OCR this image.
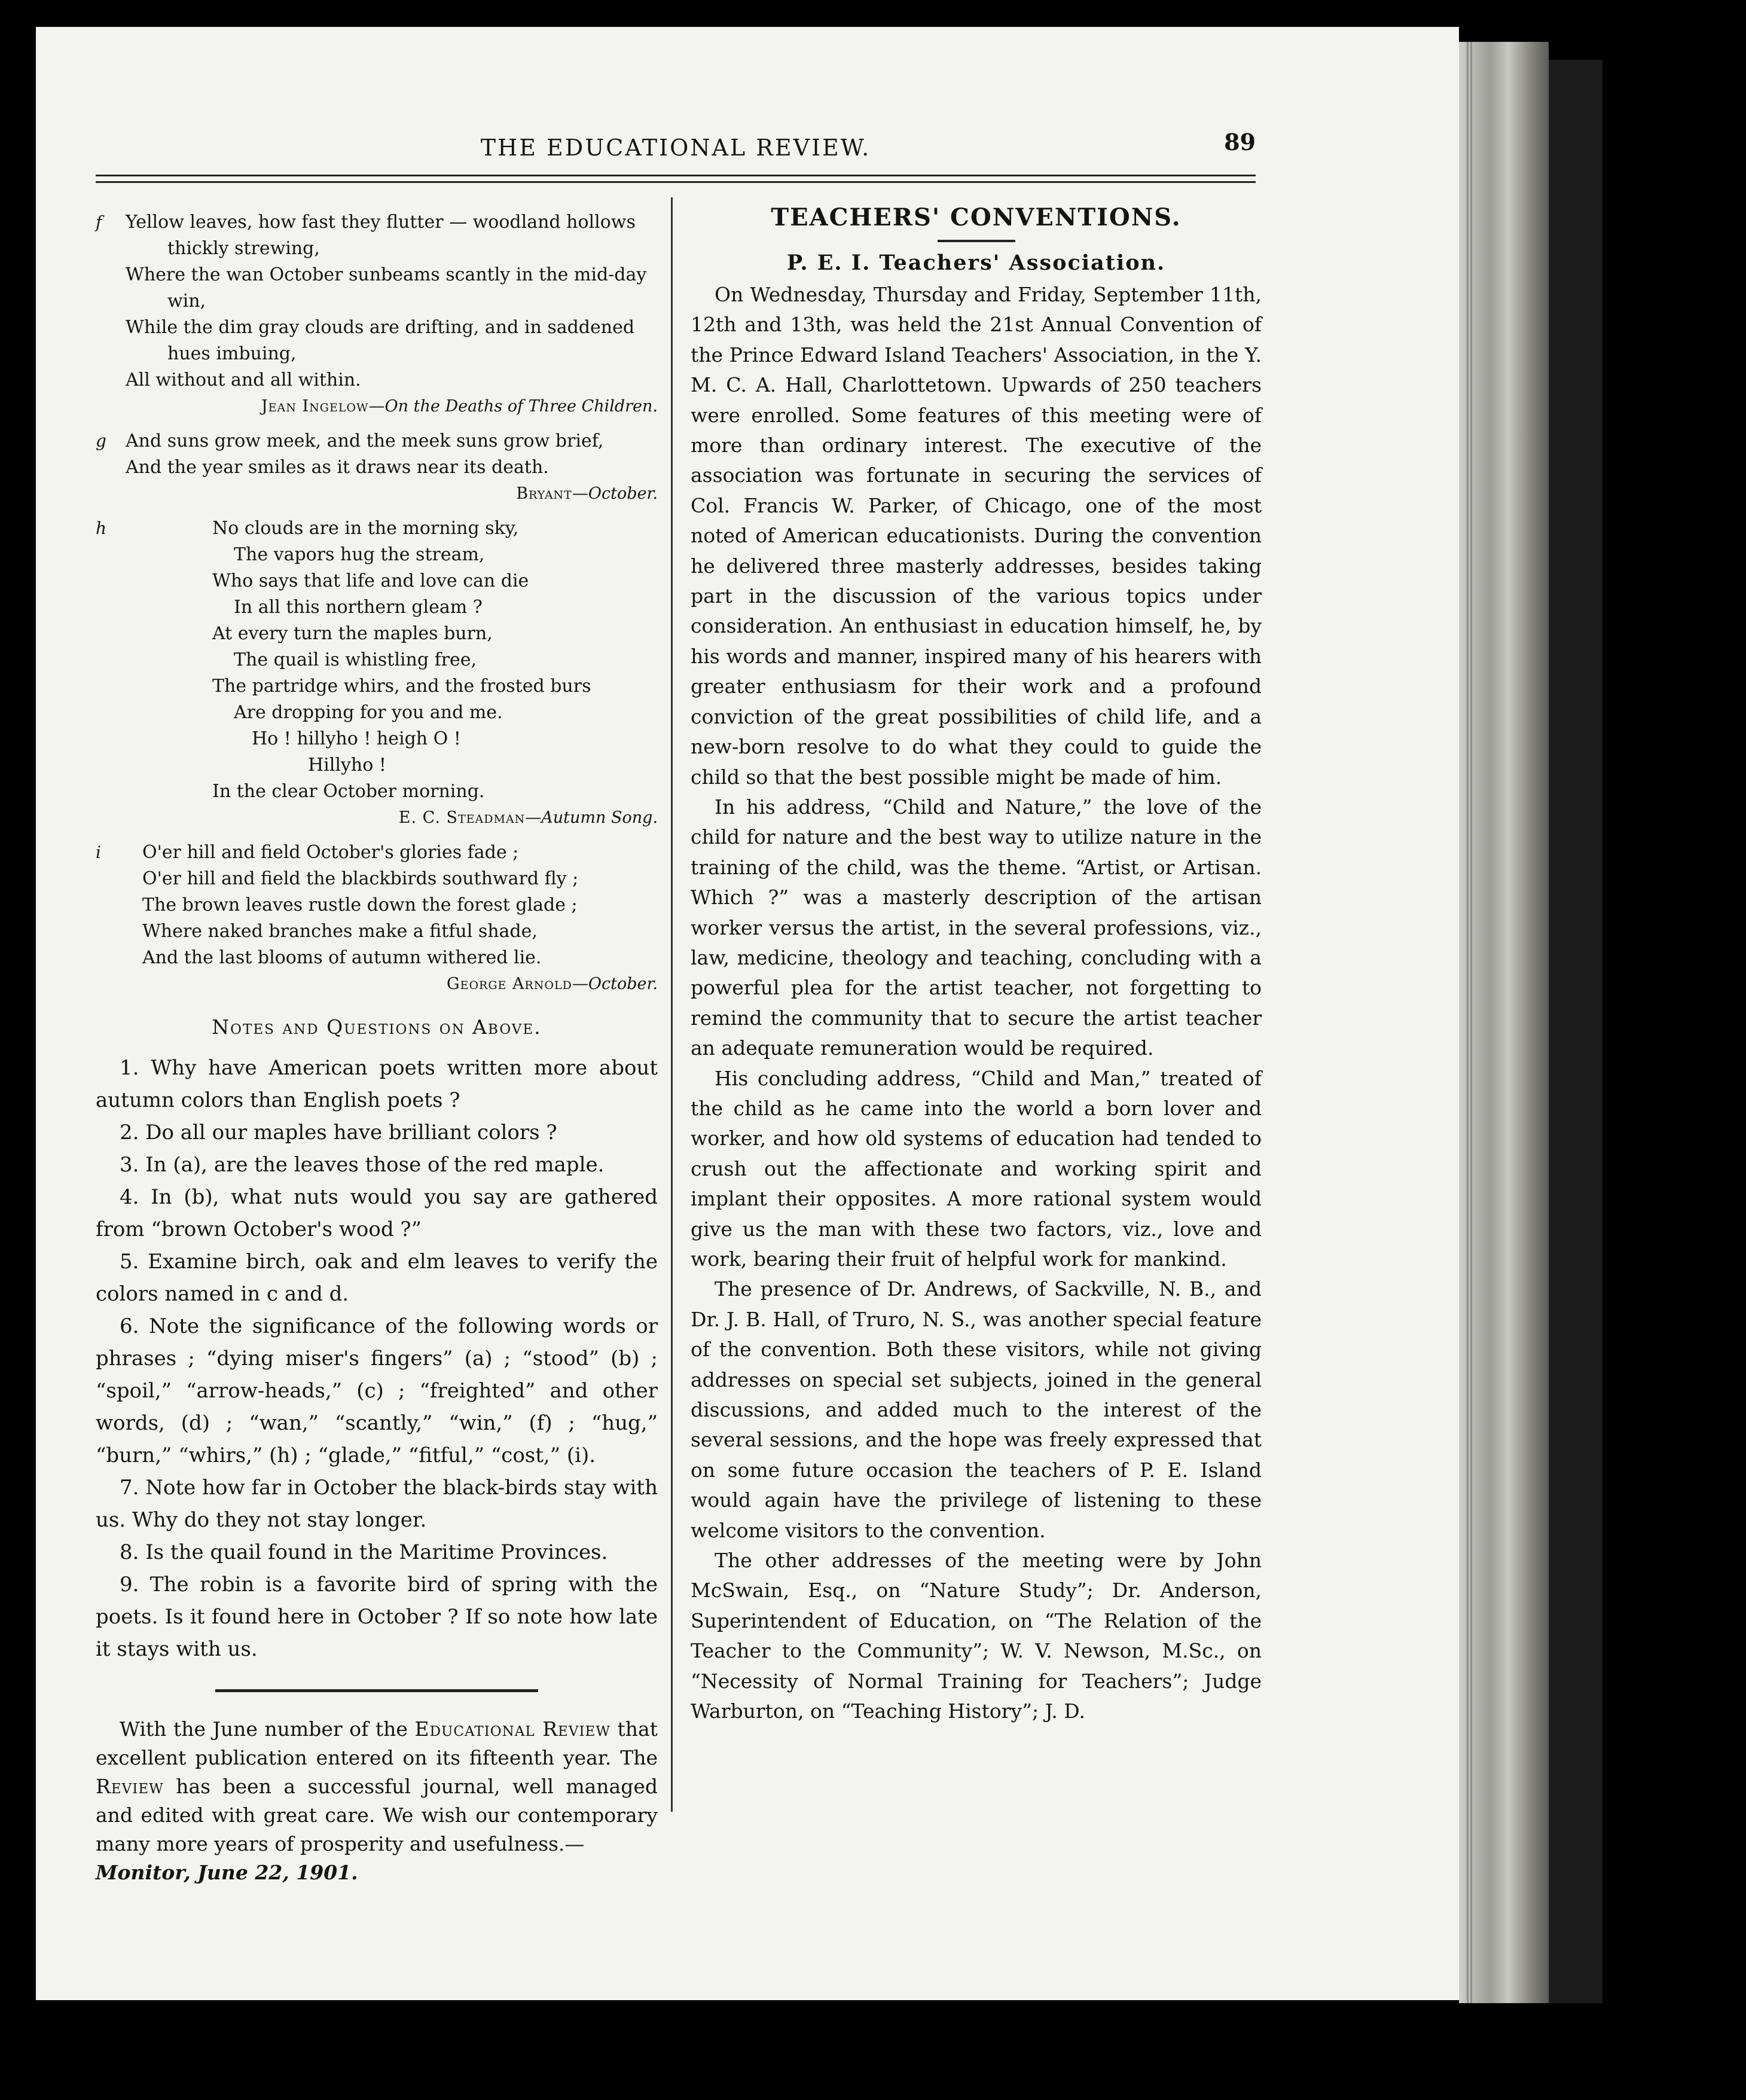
THE EDUCATIONAL REVIEW.	89
f	Yellow leaves, how fast they flutter — woodland hollows
thickly strewing,
Where the wan October sunbeams scantly in the mid-day
win,
While the dim gray clouds are drifting, and in saddened
hues imbuing,
All without and all within.
Jean Ingelow—On the Deaths of Three Children.
g	And suns grow meek, and the meek suns grow brief,
And the year smiles as it draws near its death.
Bryant—October.
h	No clouds are in the morning sky,
The vapors hug the stream,
Who says that life and love can die
In all this northern gleam ?
At every turn the maples burn,
The quail is whistling free,
The partridge whirs, and the frosted burs
Are dropping for you and me.
Ho ! hillyho ! heigh O !
Hillyho !
In the clear October morning.
E. C. Steadman—Autumn Song.
i	O'er hill and field October's glories fade ;
O'er hill and field the blackbirds southward fly ;
The brown leaves rustle down the forest glade ;
Where naked branches make a fitful shade,
And the last blooms of autumn withered lie.
George Arnold—October.
Notes and Questions on Above.
1. Why have American poets written more about autumn colors than English poets ?
2. Do all our maples have brilliant colors ?
3. In (a), are the leaves those of the red maple.
4. In (b), what nuts would you say are gathered from “brown October's wood ?”
5. Examine birch, oak and elm leaves to verify the colors named in c and d.
6. Note the significance of the following words or phrases ; “dying miser's fingers” (a) ; “stood” (b) ; “spoil,” “arrow-heads,” (c) ; “freighted” and other words, (d) ; “wan,” “scantly,” “win,” (f) ; “hug,” “burn,” “whirs,” (h) ; “glade,” “fitful,” “cost,” (i).
7. Note how far in October the black-birds stay with us. Why do they not stay longer.
8. Is the quail found in the Maritime Provinces.
9. The robin is a favorite bird of spring with the poets. Is it found here in October ? If so note how late it stays with us.

With the June number of the Educational Review that excellent publication entered on its fifteenth year. The Review has been a successful journal, well managed and edited with great care. We wish our contemporary many more years of prosperity and usefulness.—
Monitor, June 22, 1901.

TEACHERS' CONVENTIONS.
P. E. I. Teachers' Association.

On Wednesday, Thursday and Friday, September 11th, 12th and 13th, was held the 21st Annual Convention of the Prince Edward Island Teachers' Association, in the Y. M. C. A. Hall, Charlottetown. Upwards of 250 teachers were enrolled. Some features of this meeting were of more than ordinary interest. The executive of the association was fortunate in securing the services of Col. Francis W. Parker, of Chicago, one of the most noted of American educationists. During the convention he delivered three masterly addresses, besides taking part in the discussion of the various topics under consideration. An enthusiast in education himself, he, by his words and manner, inspired many of his hearers with greater enthusiasm for their work and a profound conviction of the great possibilities of child life, and a new-born resolve to do what they could to guide the child so that the best possible might be made of him.

In his address, “Child and Nature,” the love of the child for nature and the best way to utilize nature in the training of the child, was the theme. “Artist, or Artisan. Which ?” was a masterly description of the artisan worker versus the artist, in the several professions, viz., law, medicine, theology and teaching, concluding with a powerful plea for the artist teacher, not forgetting to remind the community that to secure the artist teacher an adequate remuneration would be required.

His concluding address, “Child and Man,” treated of the child as he came into the world a born lover and worker, and how old systems of education had tended to crush out the affectionate and working spirit and implant their opposites. A more rational system would give us the man with these two factors, viz., love and work, bearing their fruit of helpful work for mankind.

The presence of Dr. Andrews, of Sackville, N. B., and Dr. J. B. Hall, of Truro, N. S., was another special feature of the convention. Both these visitors, while not giving addresses on special set subjects, joined in the general discussions, and added much to the interest of the several sessions, and the hope was freely expressed that on some future occasion the teachers of P. E. Island would again have the privilege of listening to these welcome visitors to the convention.

The other addresses of the meeting were by John McSwain, Esq., on “Nature Study”; Dr. Anderson, Superintendent of Education, on “The Relation of the Teacher to the Community”; W. V. Newson, M.Sc., on “Necessity of Normal Training for Teachers”; Judge Warburton, on “Teaching History”; J. D.
